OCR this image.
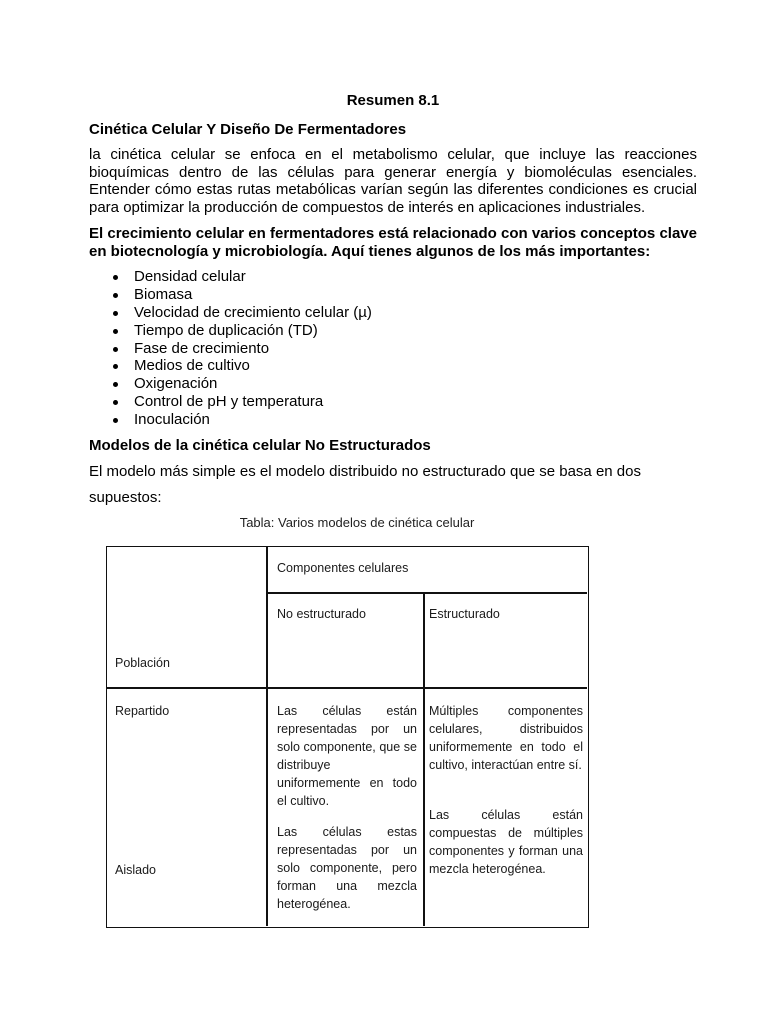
Resumen 8.1
Cinética Celular Y Diseño De Fermentadores
la cinética celular se enfoca en el metabolismo celular, que incluye las reacciones bioquímicas dentro de las células para generar energía y biomoléculas esenciales. Entender cómo estas rutas metabólicas varían según las diferentes condiciones es crucial para optimizar la producción de compuestos de interés en aplicaciones industriales.
El crecimiento celular en fermentadores está relacionado con varios conceptos clave en biotecnología y microbiología. Aquí tienes algunos de los más importantes:
Densidad celular
Biomasa
Velocidad de crecimiento celular (µ)
Tiempo de duplicación (TD)
Fase de crecimiento
Medios de cultivo
Oxigenación
Control de pH y temperatura
Inoculación
Modelos de la cinética celular No Estructurados
El modelo más simple es el modelo distribuido no estructurado que se basa en dos
supuestos:
Tabla: Varios modelos de cinética celular
Componentes celulares
No estructurado	Estructurado
Población
Repartido
Aislado
Las células están representadas por un solo componente, que se distribuye uniformemente en todo el cultivo.
Las células estas representadas por un solo componente, pero forman una mezcla heterogénea.
Múltiples componentes celulares, distribuidos uniformemente en todo el cultivo, interactúan entre sí.
Las células están compuestas de múltiples componentes y forman una mezcla heterogénea.
